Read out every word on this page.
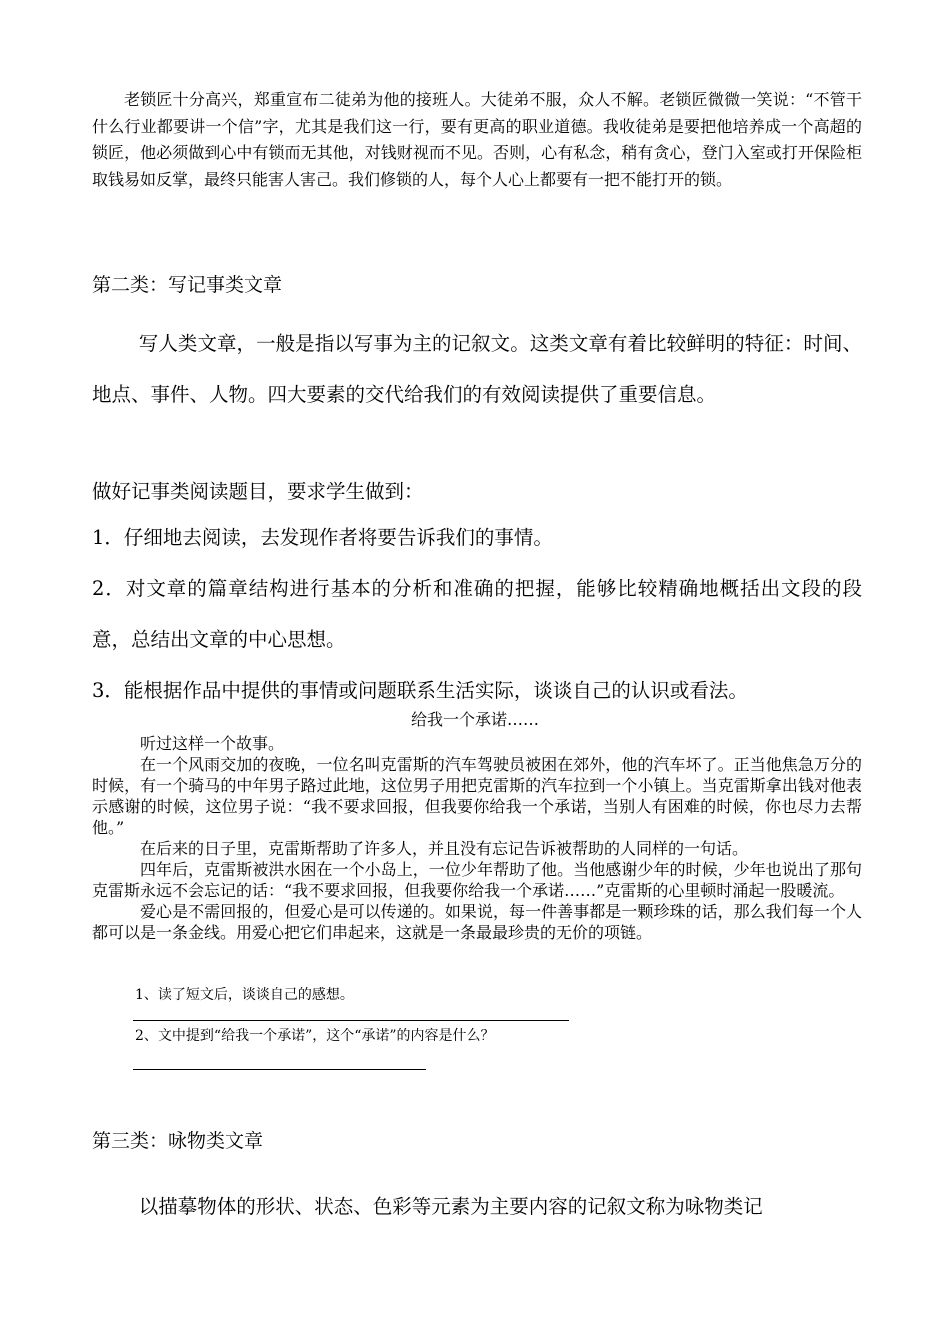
老锁匠十分高兴，郑重宣布二徒弟为他的接班人。大徒弟不服，众人不解。老锁匠微微一笑说：“不管干什么行业都要讲一个信”字，尤其是我们这一行，要有更高的职业道德。我收徒弟是要把他培养成一个高超的锁匠，他必须做到心中有锁而无其他，对钱财视而不见。否则，心有私念，稍有贪心，登门入室或打开保险柜取钱易如反掌，最终只能害人害己。我们修锁的人，每个人心上都要有一把不能打开的锁。

第二类：写记事类文章

写人类文章，一般是指以写事为主的记叙文。这类文章有着比较鲜明的特征：时间、地点、事件、人物。四大要素的交代给我们的有效阅读提供了重要信息。

做好记事类阅读题目，要求学生做到：
1．仔细地去阅读，去发现作者将要告诉我们的事情。
2．对文章的篇章结构进行基本的分析和准确的把握，能够比较精确地概括出文段的段意，总结出文章的中心思想。
3．能根据作品中提供的事情或问题联系生活实际，谈谈自己的认识或看法。
给我一个承诺……

听过这样一个故事。

在一个风雨交加的夜晚，一位名叫克雷斯的汽车驾驶员被困在郊外，他的汽车坏了。正当他焦急万分的时候，有一个骑马的中年男子路过此地，这位男子用把克雷斯的汽车拉到一个小镇上。当克雷斯拿出钱对他表示感谢的时候，这位男子说：“我不要求回报，但我要你给我一个承诺，当别人有困难的时候，你也尽力去帮他。”

在后来的日子里，克雷斯帮助了许多人，并且没有忘记告诉被帮助的人同样的一句话。

四年后，克雷斯被洪水困在一个小岛上，一位少年帮助了他。当他感谢少年的时候，少年也说出了那句克雷斯永远不会忘记的话：“我不要求回报，但我要你给我一个承诺……”克雷斯的心里顿时涌起一股暖流。

爱心是不需回报的，但爱心是可以传递的。如果说，每一件善事都是一颗珍珠的话，那么我们每一个人都可以是一条金线。用爱心把它们串起来，这就是一条最最珍贵的无价的项链。

1、读了短文后，谈谈自己的感想。
2、文中提到“给我一个承诺”，这个“承诺”的内容是什么？
第三类：咏物类文章

以描摹物体的形状、状态、色彩等元素为主要内容的记叙文称为咏物类记
